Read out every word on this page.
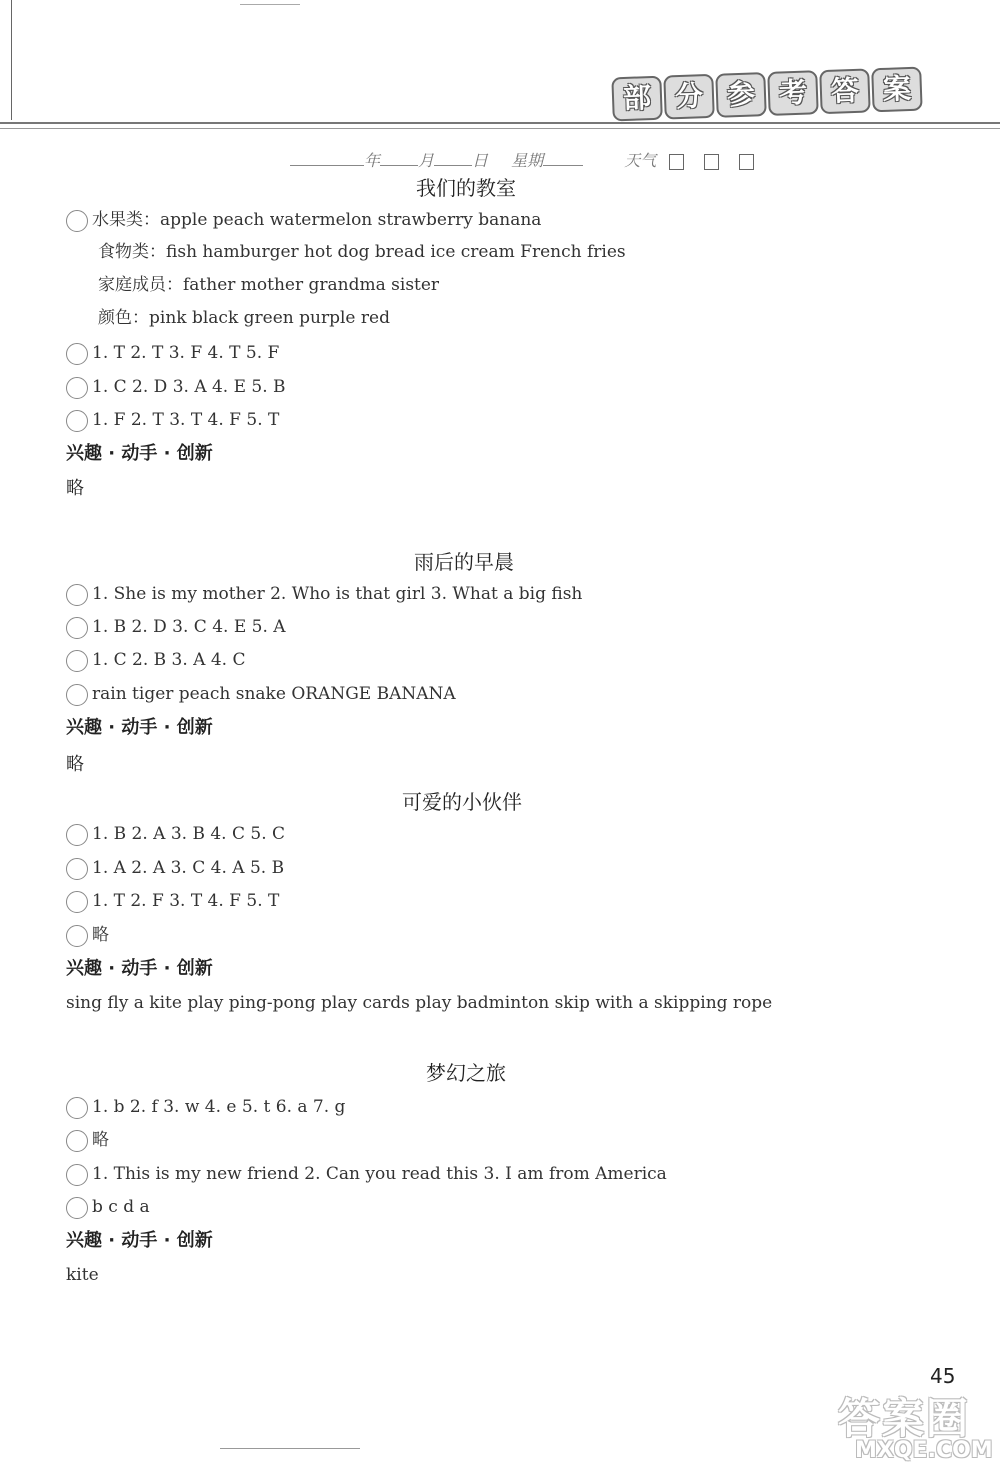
部 分 参 考 答 案
年 月 日 星期	天气
我们的教室
水果类：apple peach watermelon strawberry banana
食物类：fish hamburger hot dog bread ice cream French fries
家庭成员：father mother grandma sister
颜色：pink black green purple red
1. T 2. T 3. F 4. T 5. F
1. C 2. D 3. A 4. E 5. B
1. F 2. T 3. T 4. F 5. T
兴趣 · 动手 · 创新
略
雨后的早晨
1. She is my mother 2. Who is that girl 3. What a big fish
1. B 2. D 3. C 4. E 5. A
1. C 2. B 3. A 4. C
rain tiger peach snake ORANGE BANANA
兴趣 · 动手 · 创新
略
可爱的小伙伴
1. B 2. A 3. B 4. C 5. C
1. A 2. A 3. C 4. A 5. B
1. T 2. F 3. T 4. F 5. T
略
兴趣 · 动手 · 创新
sing fly a kite play ping-pong play cards play badminton skip with a skipping rope
梦幻之旅
1. b 2. f 3. w 4. e 5. t 6. a 7. g
略
1. This is my new friend 2. Can you read this 3. I am from America
b c d a
兴趣 · 动手 · 创新
kite
45
答案圈
MXQE.COM
